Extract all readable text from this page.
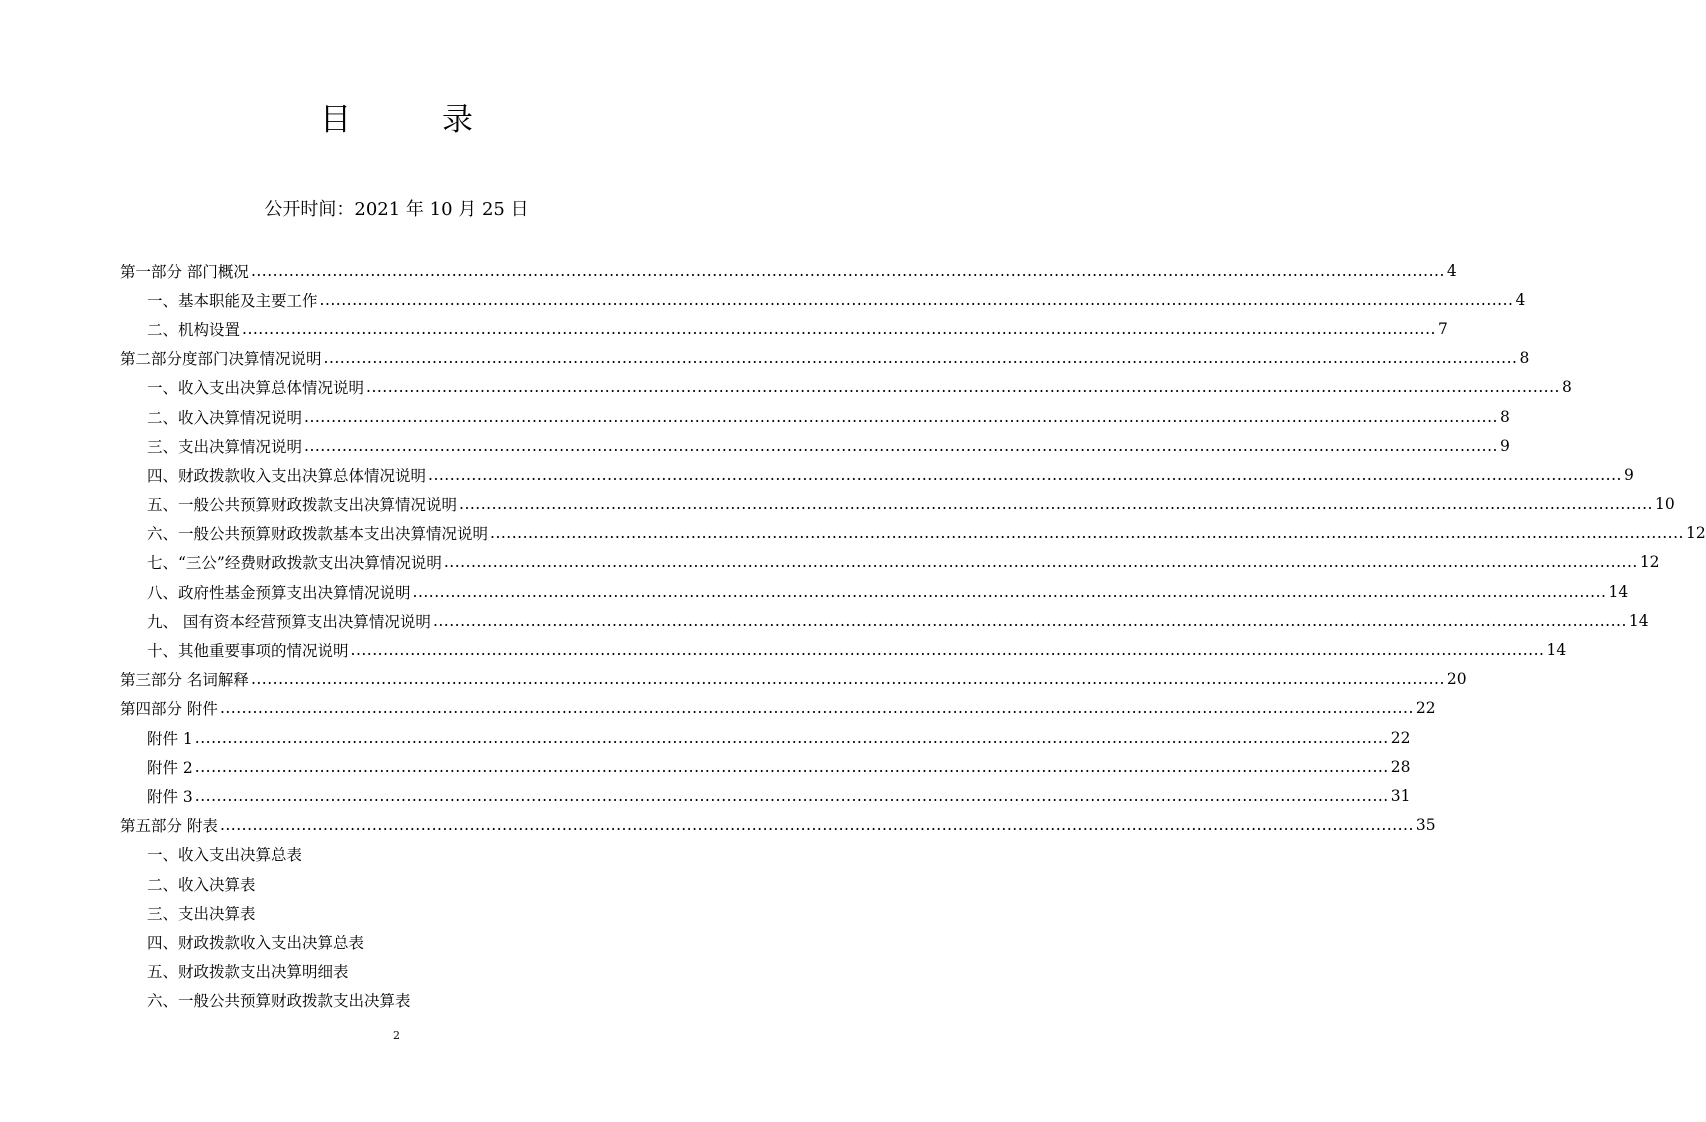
目　录
公开时间：2021 年 10 月 25 日
第一部分 部门概况 ............................................................................................................................................................................................................................ 4
一、基本职能及主要工作 ............................................................................................................................................................................................................................ 4
二、机构设置 ............................................................................................................................................................................................................................ 7
第二部分度部门决算情况说明 ............................................................................................................................................................................................................................ 8
一、收入支出决算总体情况说明 ............................................................................................................................................................................................................................ 8
二、收入决算情况说明 ............................................................................................................................................................................................................................ 8
三、支出决算情况说明 ............................................................................................................................................................................................................................ 9
四、财政拨款收入支出决算总体情况说明 ............................................................................................................................................................................................................................ 9
五、一般公共预算财政拨款支出决算情况说明 ............................................................................................................................................................................................................................ 10
六、一般公共预算财政拨款基本支出决算情况说明 ............................................................................................................................................................................................................................ 12
七、“三公”经费财政拨款支出决算情况说明 ............................................................................................................................................................................................................................ 12
八、政府性基金预算支出决算情况说明 ............................................................................................................................................................................................................................ 14
九、 国有资本经营预算支出决算情况说明 ............................................................................................................................................................................................................................ 14
十、其他重要事项的情况说明 ............................................................................................................................................................................................................................ 14
第三部分 名词解释 ............................................................................................................................................................................................................................ 20
第四部分 附件 ............................................................................................................................................................................................................................ 22
附件 1 ............................................................................................................................................................................................................................ 22
附件 2 ............................................................................................................................................................................................................................ 28
附件 3 ............................................................................................................................................................................................................................ 31
第五部分 附表 ............................................................................................................................................................................................................................ 35
一、收入支出决算总表
二、收入决算表
三、支出决算表
四、财政拨款收入支出决算总表
五、财政拨款支出决算明细表
六、一般公共预算财政拨款支出决算表
2
